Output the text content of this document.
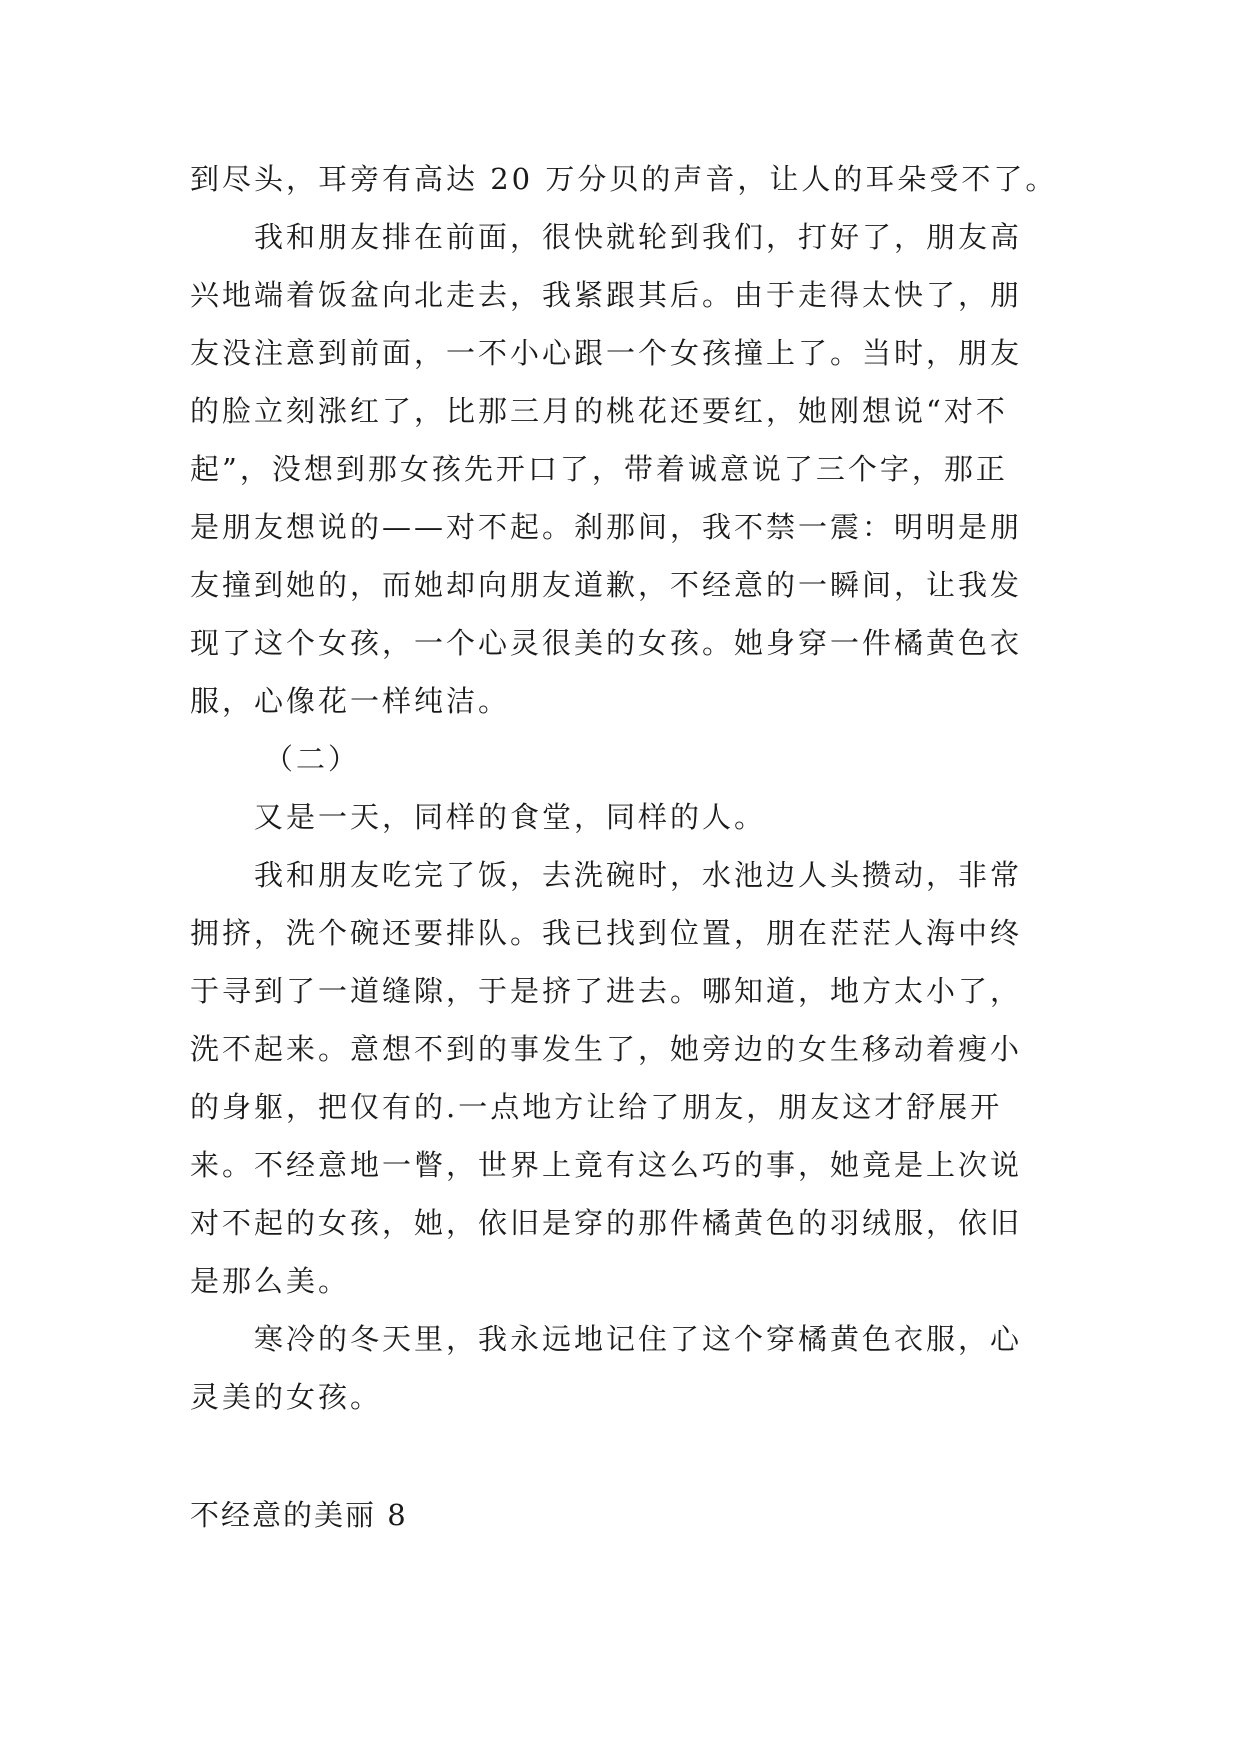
到尽头，耳旁有高达 20 万分贝的声音，让人的耳朵受不了。
我和朋友排在前面，很快就轮到我们，打好了，朋友高
兴地端着饭盆向北走去，我紧跟其后。由于走得太快了，朋
友没注意到前面，一不小心跟一个女孩撞上了。当时，朋友
的脸立刻涨红了，比那三月的桃花还要红，她刚想说“对不
起”，没想到那女孩先开口了，带着诚意说了三个字，那正
是朋友想说的——对不起。刹那间，我不禁一震：明明是朋
友撞到她的，而她却向朋友道歉，不经意的一瞬间，让我发
现了这个女孩，一个心灵很美的女孩。她身穿一件橘黄色衣
服，心像花一样纯洁。
（二）
又是一天，同样的食堂，同样的人。
我和朋友吃完了饭，去洗碗时，水池边人头攒动，非常
拥挤，洗个碗还要排队。我已找到位置，朋在茫茫人海中终
于寻到了一道缝隙，于是挤了进去。哪知道，地方太小了，
洗不起来。意想不到的事发生了，她旁边的女生移动着瘦小
的身躯，把仅有的.一点地方让给了朋友，朋友这才舒展开
来。不经意地一瞥，世界上竟有这么巧的事，她竟是上次说
对不起的女孩，她，依旧是穿的那件橘黄色的羽绒服，依旧
是那么美。
寒冷的冬天里，我永远地记住了这个穿橘黄色衣服，心
灵美的女孩。
不经意的美丽 8
